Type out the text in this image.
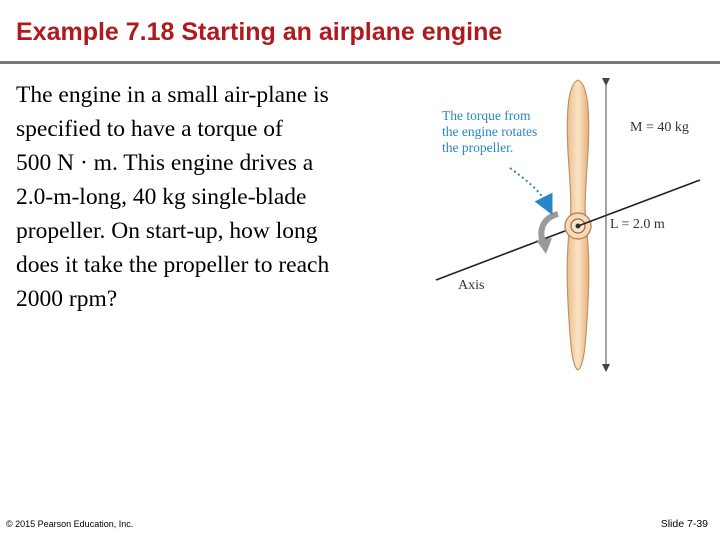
Example 7.18 Starting an airplane engine
The engine in a small air-plane is
specified to have a torque of
500 N · m. This engine drives a
2.0-m-long, 40 kg single-blade
propeller. On start-up, how long
does it take the propeller to reach
2000 rpm?
The torque from
the engine rotates
the propeller.
M = 40 kg
L = 2.0 m
Axis
© 2015 Pearson Education, Inc.	Slide 7-39
